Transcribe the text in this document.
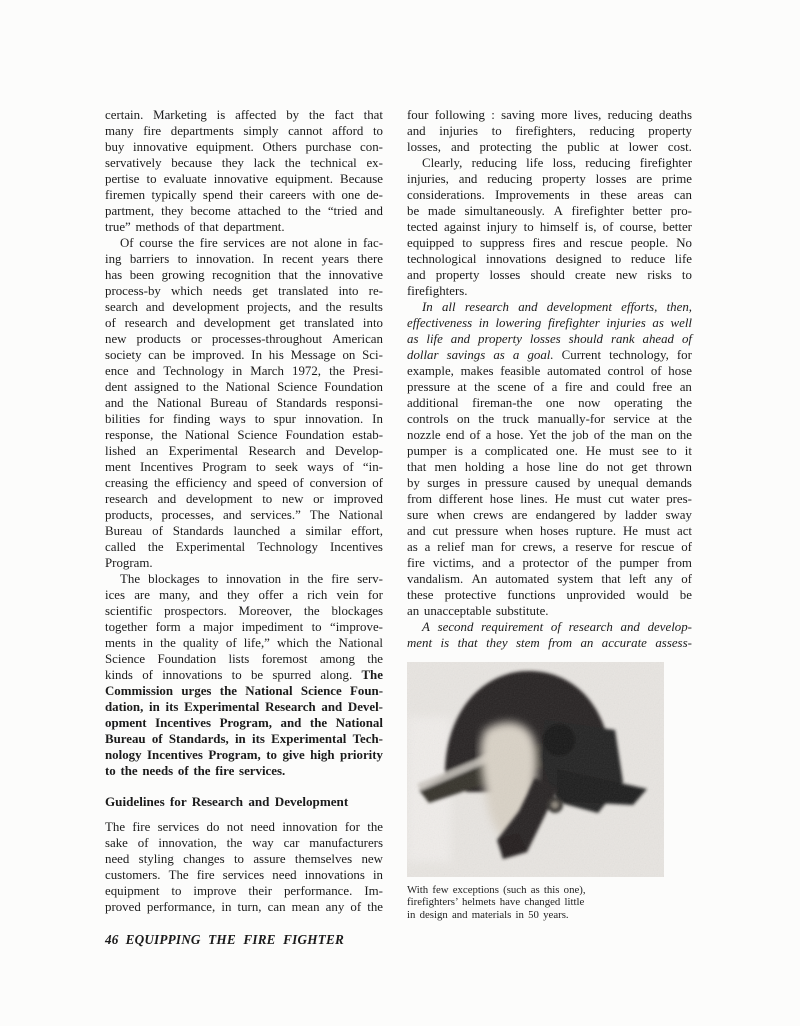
certain. Marketing is affected by the fact that
many fire departments simply cannot afford to
buy innovative equipment. Others purchase con-
servatively because they lack the technical ex-
pertise to evaluate innovative equipment. Because
firemen typically spend their careers with one de-
partment, they become attached to the “tried and
true” methods of that department.
Of course the fire services are not alone in fac-
ing barriers to innovation. In recent years there
has been growing recognition that the innovative
process-by which needs get translated into re-
search and development projects, and the results
of research and development get translated into
new products or processes-throughout American
society can be improved. In his Message on Sci-
ence and Technology in March 1972, the Presi-
dent assigned to the National Science Foundation
and the National Bureau of Standards responsi-
bilities for finding ways to spur innovation. In
response, the National Science Foundation estab-
lished an Experimental Research and Develop-
ment Incentives Program to seek ways of “in-
creasing the efficiency and speed of conversion of
research and development to new or improved
products, processes, and services.” The National
Bureau of Standards launched a similar effort,
called the Experimental Technology Incentives
Program.
The blockages to innovation in the fire serv-
ices are many, and they offer a rich vein for
scientific prospectors. Moreover, the blockages
together form a major impediment to “improve-
ments in the quality of life,” which the National
Science Foundation lists foremost among the
kinds of innovations to be spurred along. The
Commission urges the National Science Foun-
dation, in its Experimental Research and Devel-
opment Incentives Program, and the National
Bureau of Standards, in its Experimental Tech-
nology Incentives Program, to give high priority
to the needs of the fire services.
Guidelines for Research and Development
The fire services do not need innovation for the
sake of innovation, the way car manufacturers
need styling changes to assure themselves new
customers. The fire services need innovations in
equipment to improve their performance. Im-
proved performance, in turn, can mean any of the
four following : saving more lives, reducing deaths
and injuries to firefighters, reducing property
losses, and protecting the public at lower cost.
Clearly, reducing life loss, reducing firefighter
injuries, and reducing property losses are prime
considerations. Improvements in these areas can
be made simultaneously. A firefighter better pro-
tected against injury to himself is, of course, better
equipped to suppress fires and rescue people. No
technological innovations designed to reduce life
and property losses should create new risks to
firefighters.
In all research and development efforts, then,
effectiveness in lowering firefighter injuries as well
as life and property losses should rank ahead of
dollar savings as a goal. Current technology, for
example, makes feasible automated control of hose
pressure at the scene of a fire and could free an
additional fireman-the one now operating the
controls on the truck manually-for service at the
nozzle end of a hose. Yet the job of the man on the
pumper is a complicated one. He must see to it
that men holding a hose line do not get thrown
by surges in pressure caused by unequal demands
from different hose lines. He must cut water pres-
sure when crews are endangered by ladder sway
and cut pressure when hoses rupture. He must act
as a relief man for crews, a reserve for rescue of
fire victims, and a protector of the pumper from
vandalism. An automated system that left any of
these protective functions unprovided would be
an unacceptable substitute.
A second requirement of research and develop-
ment is that they stem from an accurate assess-
With few exceptions (such as this one),
firefighters’ helmets have changed little
in design and materials in 50 years.
46 EQUIPPING THE FIRE FIGHTER
